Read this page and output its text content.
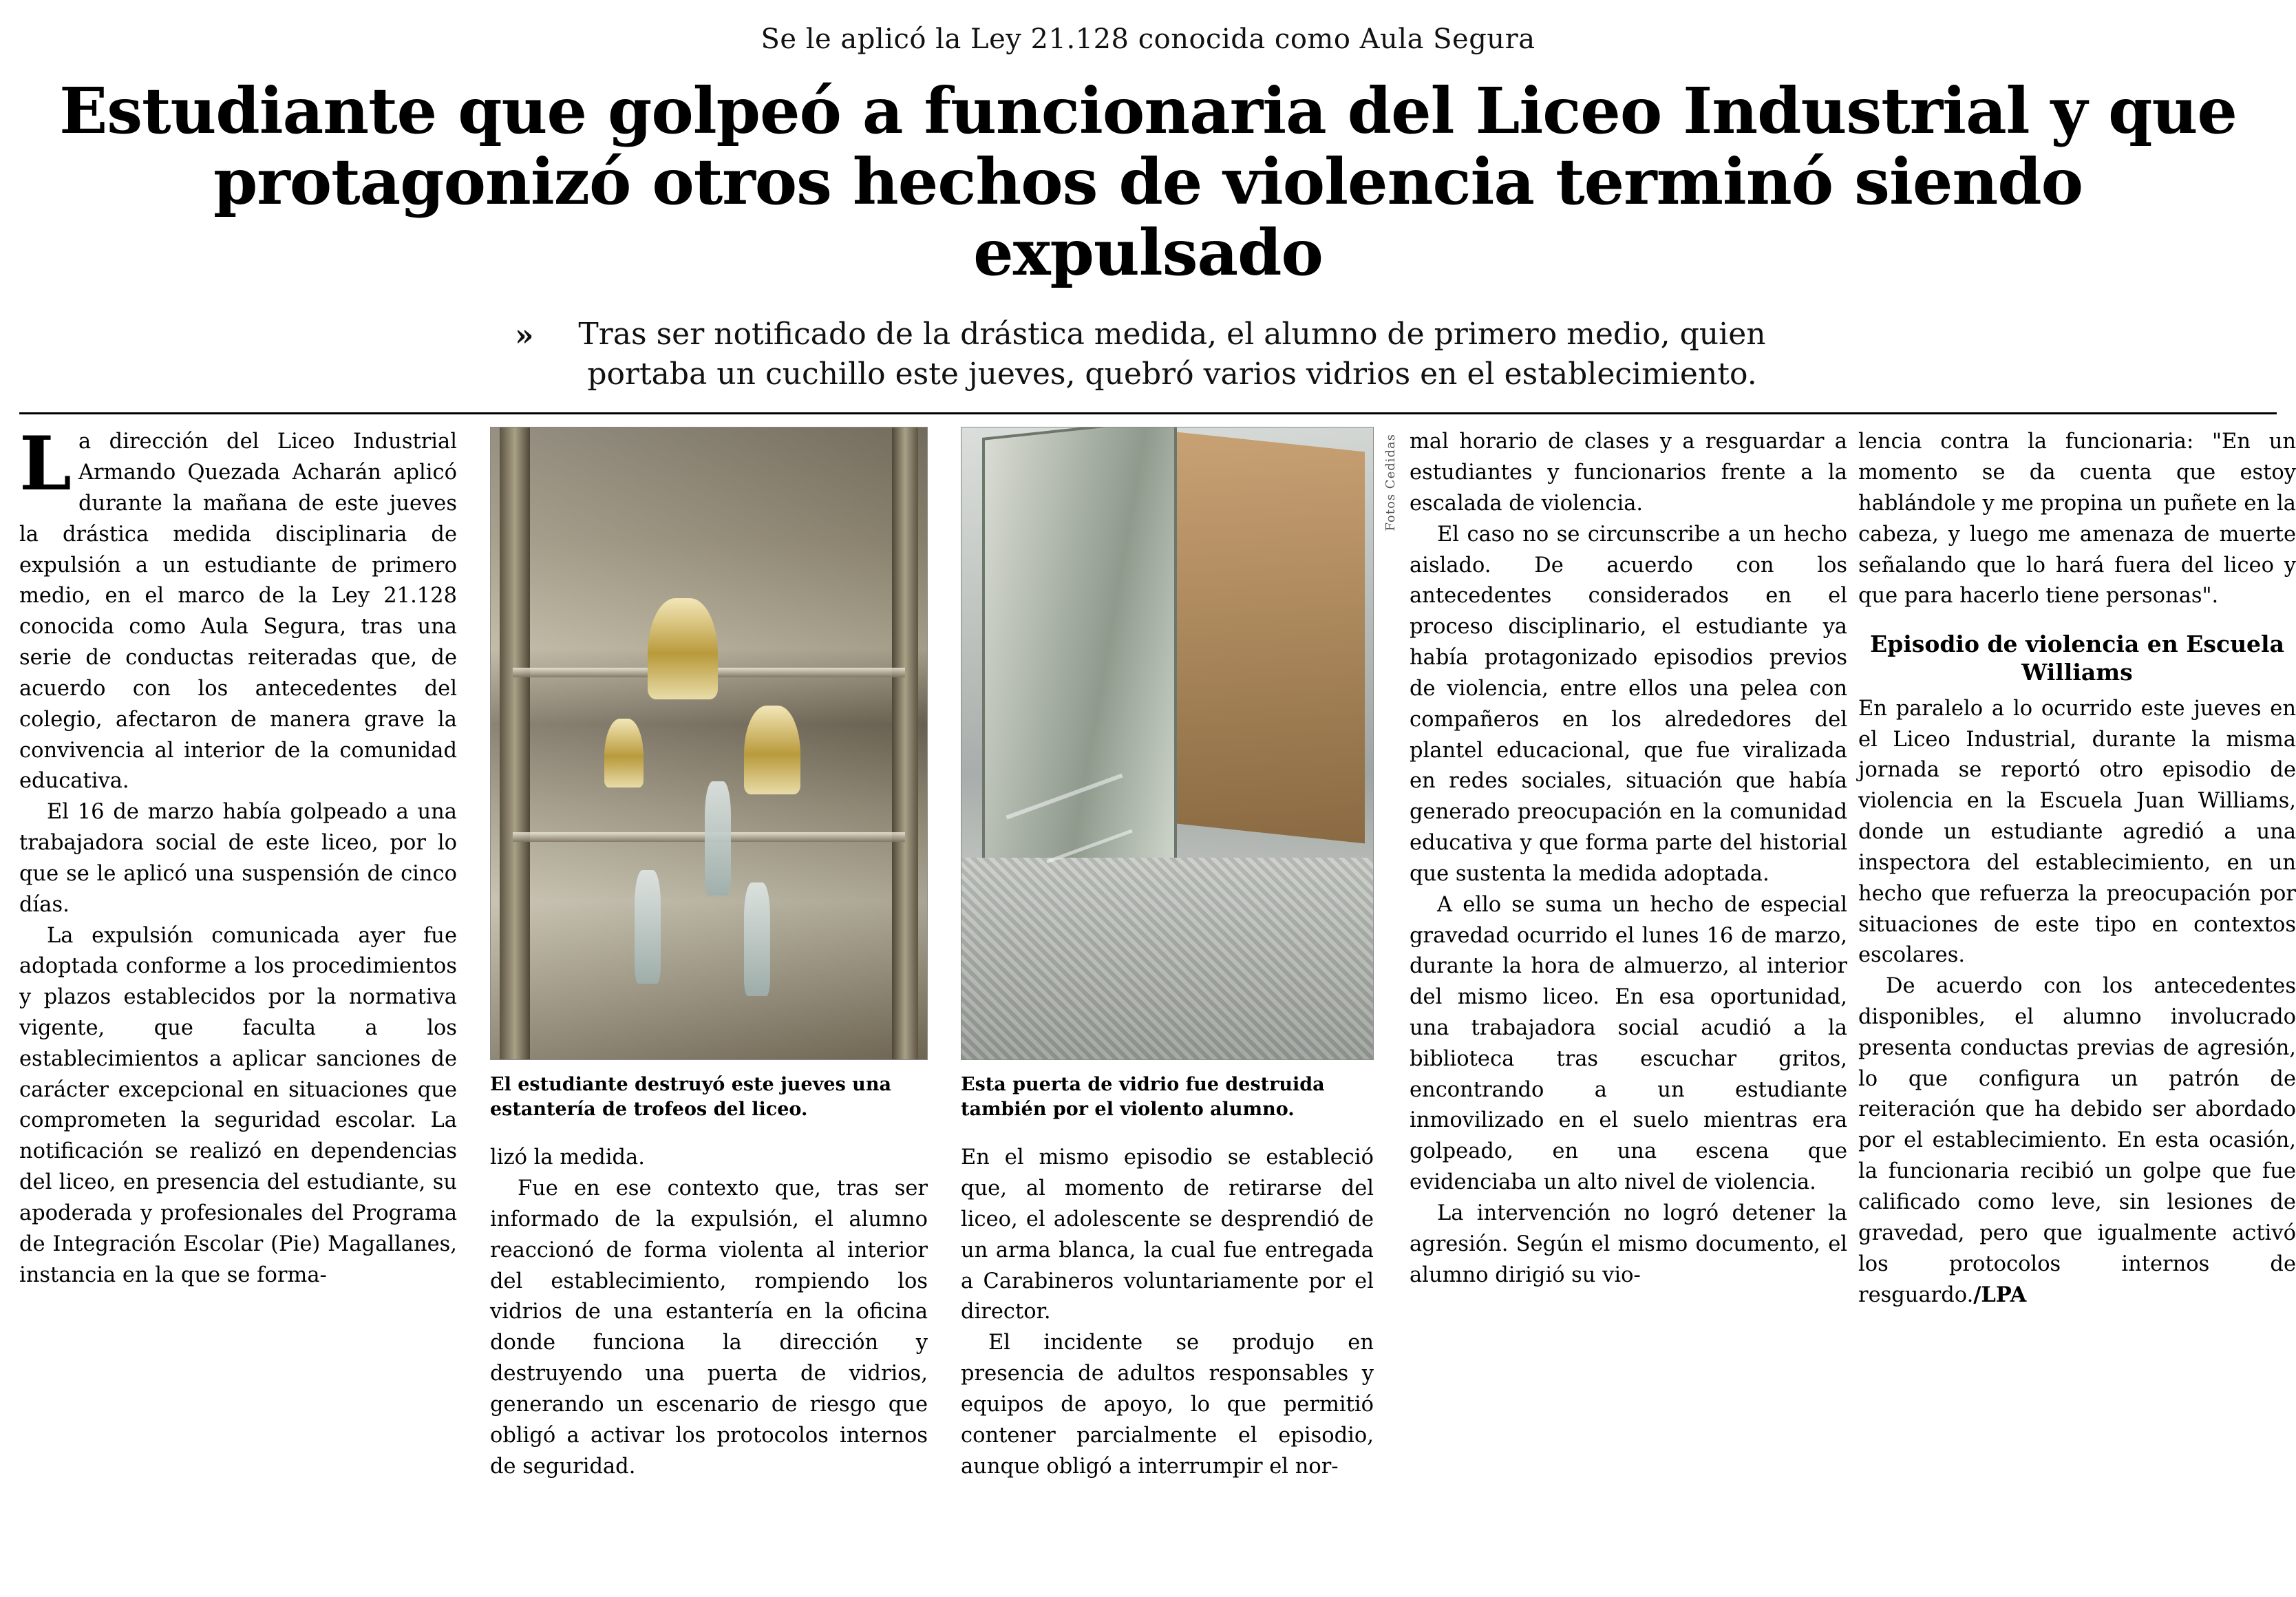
Se le aplicó la Ley 21.128 conocida como Aula Segura
Estudiante que golpeó a funcionaria del Liceo Industrial y que protagonizó otros hechos de violencia terminó siendo expulsado
» Tras ser notificado de la drástica medida, el alumno de primero medio, quien portaba un cuchillo este jueves, quebró varios vidrios en el establecimiento.

La dirección del Liceo Industrial Armando Quezada Acharán aplicó durante la mañana de este jueves la drástica medida disciplinaria de expulsión a un estudiante de primero medio, en el marco de la Ley 21.128 conocida como Aula Segura, tras una serie de conductas reiteradas que, de acuerdo con los antecedentes del colegio, afectaron de manera grave la convivencia al interior de la comunidad educativa.

El 16 de marzo había golpeado a una trabajadora social de este liceo, por lo que se le aplicó una suspensión de cinco días.

La expulsión comunicada ayer fue adoptada conforme a los procedimientos y plazos establecidos por la normativa vigente, que faculta a los establecimientos a aplicar sanciones de carácter excepcional en situaciones que comprometen la seguridad escolar. La notificación se realizó en dependencias del liceo, en presencia del estudiante, su apoderada y profesionales del Programa de Integración Escolar (Pie) Magallanes, instancia en la que se forma-

El estudiante destruyó este jueves una estantería de trofeos del liceo.
Esta puerta de vidrio fue destruida también por el violento alumno.
Fotos Cedidas

lizó la medida.

Fue en ese contexto que, tras ser informado de la expulsión, el alumno reaccionó de forma violenta al interior del establecimiento, rompiendo los vidrios de una estantería en la oficina donde funciona la dirección y destruyendo una puerta de vidrios, generando un escenario de riesgo que obligó a activar los protocolos internos de seguridad.

En el mismo episodio se estableció que, al momento de retirarse del liceo, el adolescente se desprendió de un arma blanca, la cual fue entregada a Carabineros voluntariamente por el director.

El incidente se produjo en presencia de adultos responsables y equipos de apoyo, lo que permitió contener parcialmente el episodio, aunque obligó a interrumpir el nor-

mal horario de clases y a resguardar a estudiantes y funcionarios frente a la escalada de violencia.

El caso no se circunscribe a un hecho aislado. De acuerdo con los antecedentes considerados en el proceso disciplinario, el estudiante ya había protagonizado episodios previos de violencia, entre ellos una pelea con compañeros en los alrededores del plantel educacional, que fue viralizada en redes sociales, situación que había generado preocupación en la comunidad educativa y que forma parte del historial que sustenta la medida adoptada.

A ello se suma un hecho de especial gravedad ocurrido el lunes 16 de marzo, durante la hora de almuerzo, al interior del mismo liceo. En esa oportunidad, una trabajadora social acudió a la biblioteca tras escuchar gritos, encontrando a un estudiante inmovilizado en el suelo mientras era golpeado, en una escena que evidenciaba un alto nivel de violencia.

La intervención no logró detener la agresión. Según el mismo documento, el alumno dirigió su vio-

lencia contra la funcionaria: "En un momento se da cuenta que estoy hablándole y me propina un puñete en la cabeza, y luego me amenaza de muerte señalando que lo hará fuera del liceo y que para hacerlo tiene personas".

Episodio de violencia en Escuela Williams

En paralelo a lo ocurrido este jueves en el Liceo Industrial, durante la misma jornada se reportó otro episodio de violencia en la Escuela Juan Williams, donde un estudiante agredió a una inspectora del establecimiento, en un hecho que refuerza la preocupación por situaciones de este tipo en contextos escolares.

De acuerdo con los antecedentes disponibles, el alumno involucrado presenta conductas previas de agresión, lo que configura un patrón de reiteración que ha debido ser abordado por el establecimiento. En esta ocasión, la funcionaria recibió un golpe que fue calificado como leve, sin lesiones de gravedad, pero que igualmente activó los protocolos internos de resguardo./LPA
